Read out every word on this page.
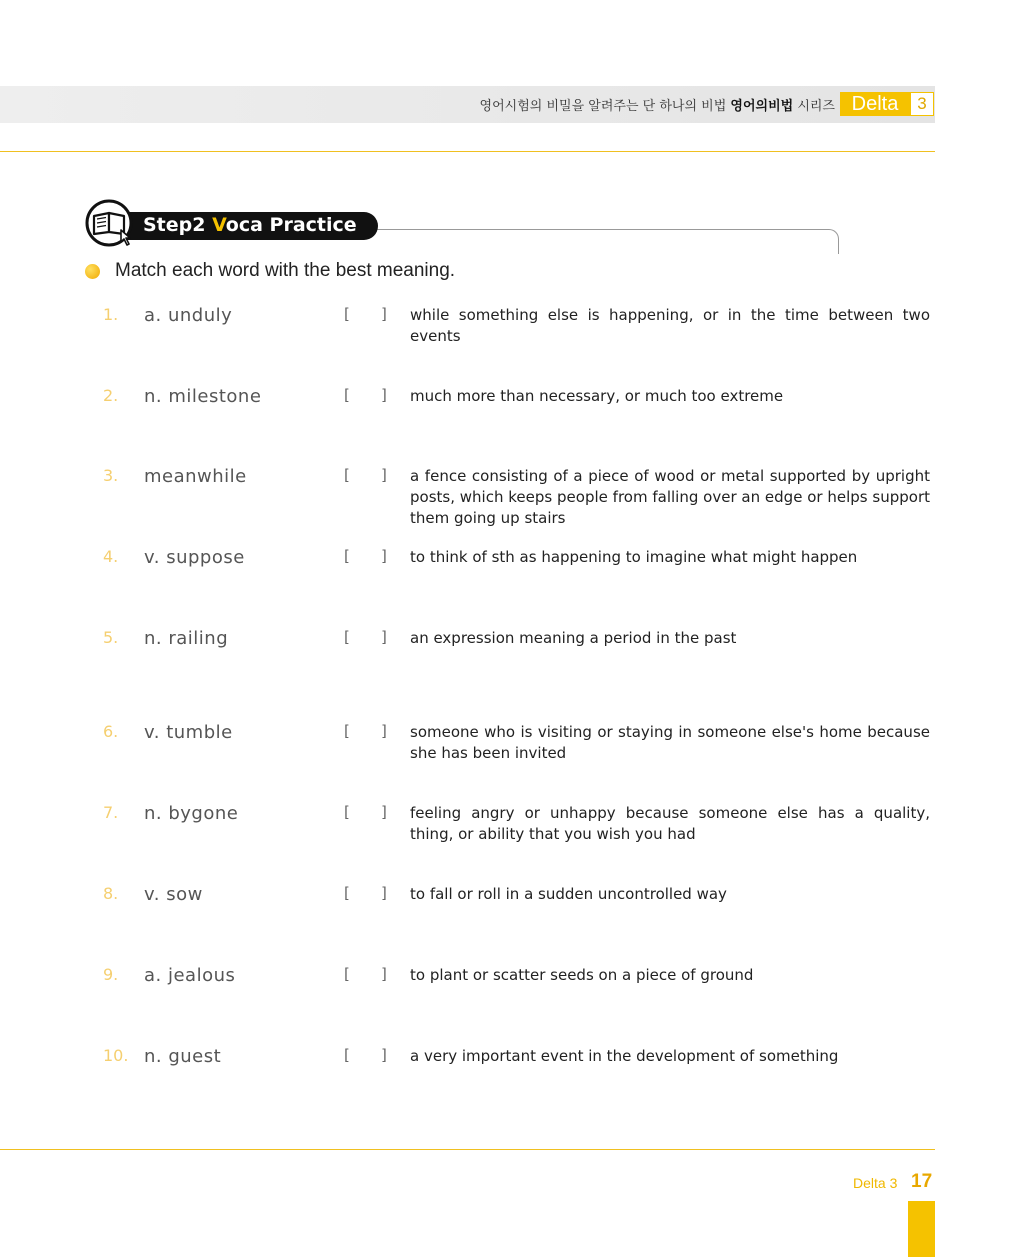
영어시험의 비밀을 알려주는 단 하나의 비법 영어의비법 시리즈 Delta	3
Step2 Voca Practice
Match each word with the best meaning.
1. a. unduly	[ ] while something else is happening, or in the time between two events
2. n. milestone	[ ] much more than necessary, or much too extreme
3. meanwhile	[ ] a fence consisting of a piece of wood or metal supported by upright posts, which keeps people from falling over an edge or helps support them going up stairs
4. v. suppose	[ ] to think of sth as happening to imagine what might happen
5. n. railing	[ ] an expression meaning a period in the past
6. v. tumble	[ ] someone who is visiting or staying in someone else's home because she has been invited
7. n. bygone	[ ] feeling angry or unhappy because someone else has a quality, thing, or ability that you wish you had
8. v. sow	[ ] to fall or roll in a sudden uncontrolled way
9. a. jealous	[ ] to plant or scatter seeds on a piece of ground
10. n. guest	[ ] a very important event in the development of something
Delta 3 17
